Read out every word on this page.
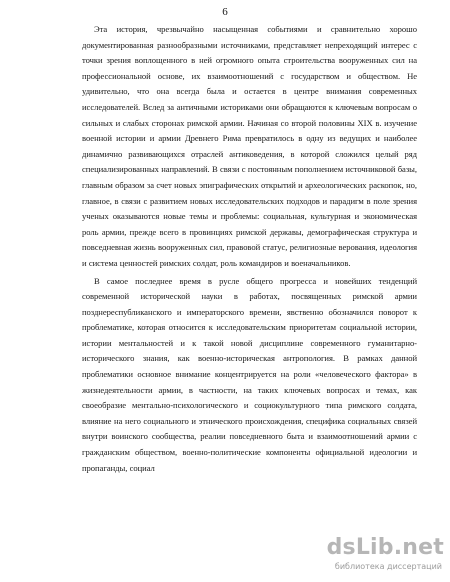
6

Эта история, чрезвычайно насыщенная событиями и сравнительно хорошо документированная разнообразными источниками, представляет непреходящий интерес с точки зрения воплощенного в ней огромного опыта строительства вооруженных сил на профессиональной основе, их взаимоотношений с государством и обществом. Не удивительно, что она всегда была и остается в центре внимания современных исследователей. Вслед за античными историками они обращаются к ключевым вопросам о сильных и слабых сторонах римской армии. Начиная со второй половины XIX в. изучение военной истории и армии Древнего Рима превратилось в одну из ведущих и наиболее динамично развивающихся отраслей антиковедения, в которой сложился целый ряд специализированных направлений. В связи с постоянным пополнением источниковой базы, главным образом за счет новых эпиграфических открытий и археологических раскопок, но, главное, в связи с развитием новых исследовательских подходов и парадигм в поле зрения ученых оказываются новые темы и проблемы: социальная, культурная и экономическая роль армии, прежде всего в провинциях римской державы, демографическая структура и повседневная жизнь вооруженных сил, правовой статус, религиозные верования, идеология и система ценностей римских солдат, роль командиров и военачальников.

В самое последнее время в русле общего прогресса и новейших тенденций современной исторической науки в работах, посвященных римской армии позднереспубликанского и императорского времени, явственно обозначился поворот к проблематике, которая относится к исследовательским приоритетам социальной истории, истории ментальностей и к такой новой дисциплине современного гуманитарно-исторического знания, как военно-историческая антропология. В рамках данной проблематики основное внимание концентрируется на роли «человеческого фактора» в жизнедеятельности армии, в частности, на таких ключевых вопросах и темах, как своеобразие ментально-психологического и социокультурного типа римского солдата, влияние на него социального и этнического происхождения, специфика социальных связей внутри воинского сообщества, реалии повседневного быта и взаимоотношений армии с гражданским обществом, военно-политические компоненты официальной идеологии и пропаганды, социал

dsLib.net
библиотека диссертаций
